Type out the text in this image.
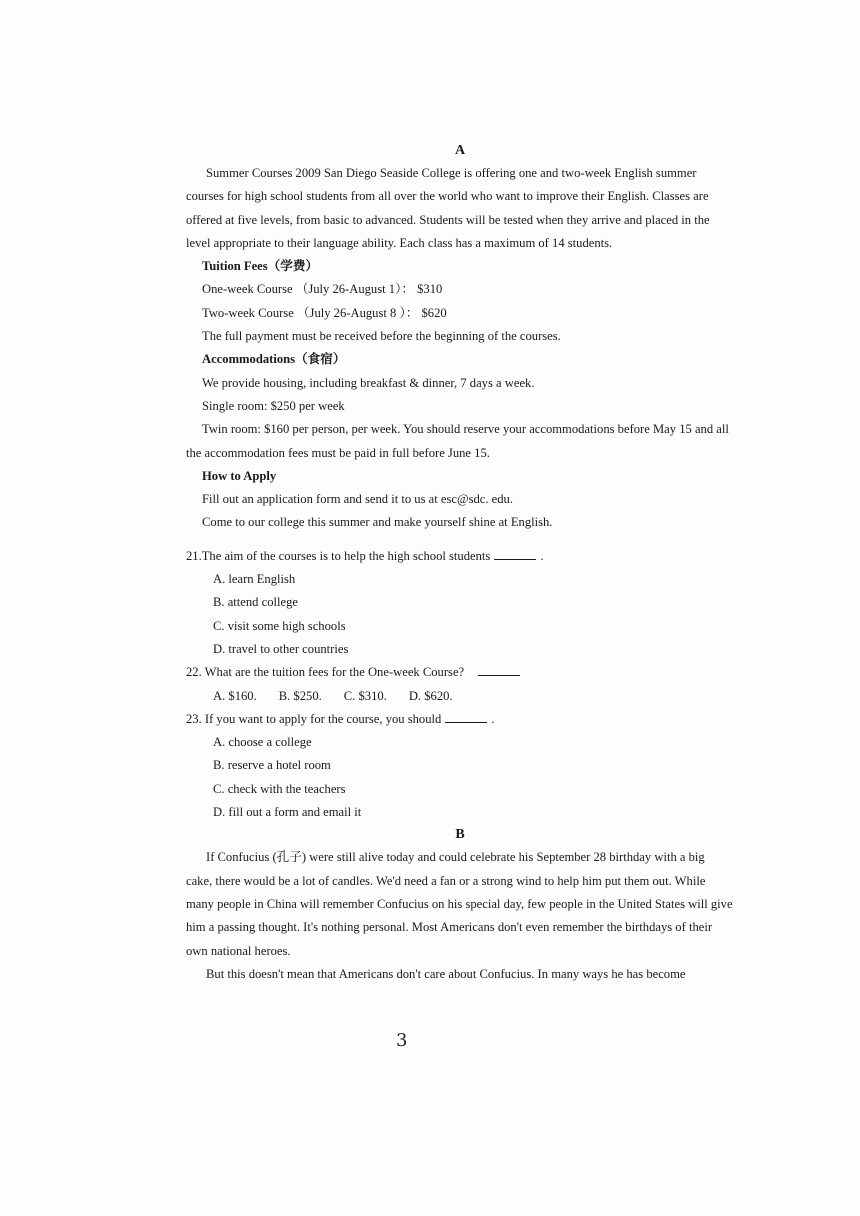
A

Summer Courses 2009 San Diego Seaside College is offering one and two-week English summer courses for high school students from all over the world who want to improve their English. Classes are offered at five levels, from basic to advanced. Students will be tested when they arrive and placed in the level appropriate to their language ability. Each class has a maximum of 14 students.

Tuition Fees（学费）

One-week Course （July 26-August 1）： $310

Two-week Course （July 26-August 8 ）： $620

The full payment must be received before the beginning of the courses.

Accommodations（食宿）

We provide housing, including breakfast & dinner, 7 days a week.

Single room: $250 per week

Twin room: $160 per person, per week. You should reserve your accommodations before May 15 and all the accommodation fees must be paid in full before June 15.

How to Apply

Fill out an application form and send it to us at esc@sdc. edu.

Come to our college this summer and make yourself shine at English.

21.The aim of the courses is to help the high school students	.

A. learn English

B. attend college

C. visit some high schools

D. travel to other countries

22. What are the tuition fees for the One-week Course?

A. $160. B. $250. C. $310. D. $620.

23. If you want to apply for the course, you should	.

A. choose a college

B. reserve a hotel room

C. check with the teachers

D. fill out a form and email it

B

If Confucius (孔子) were still alive today and could celebrate his September 28 birthday with a big cake, there would be a lot of candles. We'd need a fan or a strong wind to help him put them out. While many people in China will remember Confucius on his special day, few people in the United States will give him a passing thought. It's nothing personal. Most Americans don't even remember the birthdays of their own national heroes.

But this doesn't mean that Americans don't care about Confucius. In many ways he has become

3
